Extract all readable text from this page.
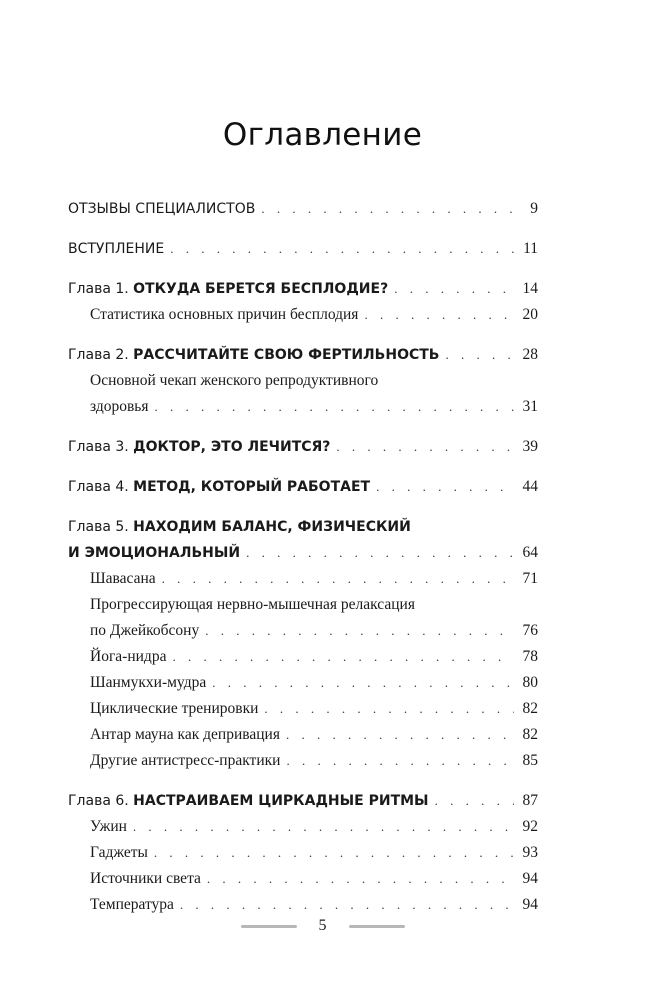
Оглавление
ОТЗЫВЫ СПЕЦИАЛИСТОВ . . .	9
ВСТУПЛЕНИЕ . . .	11
Глава 1. ОТКУДА БЕРЕТСЯ БЕСПЛОДИЕ? . . .	14
Статистика основных причин бесплодия . . .	20
Глава 2. РАССЧИТАЙТЕ СВОЮ ФЕРТИЛЬНОСТЬ . . .	28
Основной чекап женского репродуктивного
здоровья . . .	31
Глава 3. ДОКТОР, ЭТО ЛЕЧИТСЯ? . . .	39
Глава 4. МЕТОД, КОТОРЫЙ РАБОТАЕТ . . .	44
Глава 5. НАХОДИМ БАЛАНС, ФИЗИЧЕСКИЙ
И ЭМОЦИОНАЛЬНЫЙ . . .	64
Шавасана . . .	71
Прогрессирующая нервно-мышечная релаксация
по Джейкобсону . . .	76
Йога-нидра . . .	78
Шанмукхи-мудра . . .	80
Циклические тренировки . . .	82
Антар мауна как депривация . . .	82
Другие антистресс-практики . . .	85
Глава 6. НАСТРАИВАЕМ ЦИРКАДНЫЕ РИТМЫ . . .	87
Ужин . . .	92
Гаджеты . . .	93
Источники света . . .	94
Температура . . .	94
5
